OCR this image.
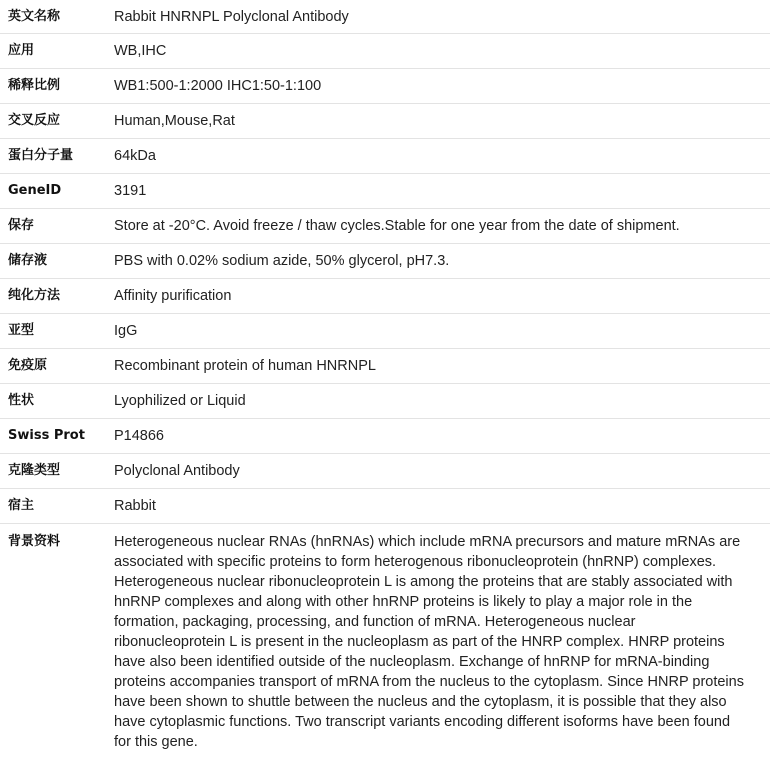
英文名称	Rabbit HNRNPL Polyclonal Antibody
应用	WB,IHC
稀释比例	WB1:500-1:2000 IHC1:50-1:100
交叉反应	Human,Mouse,Rat
蛋白分子量	64kDa
GeneID	3191
保存	Store at -20°C. Avoid freeze / thaw cycles.Stable for one year from the date of shipment.
储存液	PBS with 0.02% sodium azide, 50% glycerol, pH7.3.
纯化方法	Affinity purification
亚型	IgG
免疫原	Recombinant protein of human HNRNPL
性状	Lyophilized or Liquid
Swiss Prot	P14866
克隆类型	Polyclonal Antibody
宿主	Rabbit
背景资料	Heterogeneous nuclear RNAs (hnRNAs) which include mRNA precursors and mature mRNAs are associated with specific proteins to form heterogenous ribonucleoprotein (hnRNP) complexes. Heterogeneous nuclear ribonucleoprotein L is among the proteins that are stably associated with hnRNP complexes and along with other hnRNP proteins is likely to play a major role in the formation, packaging, processing, and function of mRNA. Heterogeneous nuclear ribonucleoprotein L is present in the nucleoplasm as part of the HNRP complex. HNRP proteins have also been identified outside of the nucleoplasm. Exchange of hnRNP for mRNA-binding proteins accompanies transport of mRNA from the nucleus to the cytoplasm. Since HNRP proteins have been shown to shuttle between the nucleus and the cytoplasm, it is possible that they also have cytoplasmic functions. Two transcript variants encoding different isoforms have been found for this gene.
